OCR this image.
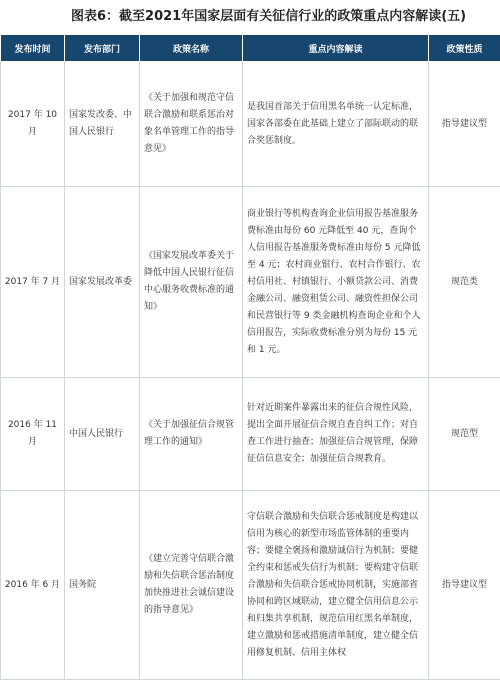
图表6：截至2021年国家层面有关征信行业的政策重点内容解读(五)
发布时间	发布部门	政策名称	重点内容解读	政策性质
2017 年 10 月	国家发改委、中国人民银行	《关于加强和规范守信联合激励和联系惩治对象名单管理工作的指导意见》	是我国首部关于信用黑名单统一认定标准，国家各部委在此基础上建立了部际联动的联合奖惩制度。	指导建议型
2017 年 7 月	国家发展改革委	《国家发展改革委关于降低中国人民银行征信中心服务收费标准的通知》	商业银行等机构查询企业信用报告基准服务费标准由每份 60 元降低至 40 元，查询个人信用报告基准服务费标准由每份 5 元降低至 4 元；农村商业银行、农村合作银行、农村信用社、村镇银行、小额贷款公司、消费金融公司、融资租赁公司、融资性担保公司和民营银行等 9 类金融机构查询企业和个人信用报告，实际收费标准分别为每份 15 元和 1 元。	规范类
2016 年 11 月	中国人民银行	《关于加强征信合规管理工作的通知》	针对近期案件暴露出来的征信合规性风险，提出全面开展征信合规自查自纠工作；对自查工作进行抽查；加强征信合规管理，保障征信信息安全；加强征信合规教育。	规范型
2016 年 6 月	国务院	《建立完善守信联合激励和失信联合惩治制度加快推进社会诚信建设的指导意见》	守信联合激励和失信联合惩戒制度是构建以信用为核心的新型市场监管体制的重要内容；要健全褒扬和激励诚信行为机制；要健全约束和惩戒失信行为机制；要构建守信联合激励和失信联合惩戒协同机制，实施部省协同和跨区域联动，建立健全信用信息公示和归集共享机制，规范信用红黑名单制度，建立激励和惩戒措施清单制度，建立健全信用修复机制、信用主体权	指导建议型
